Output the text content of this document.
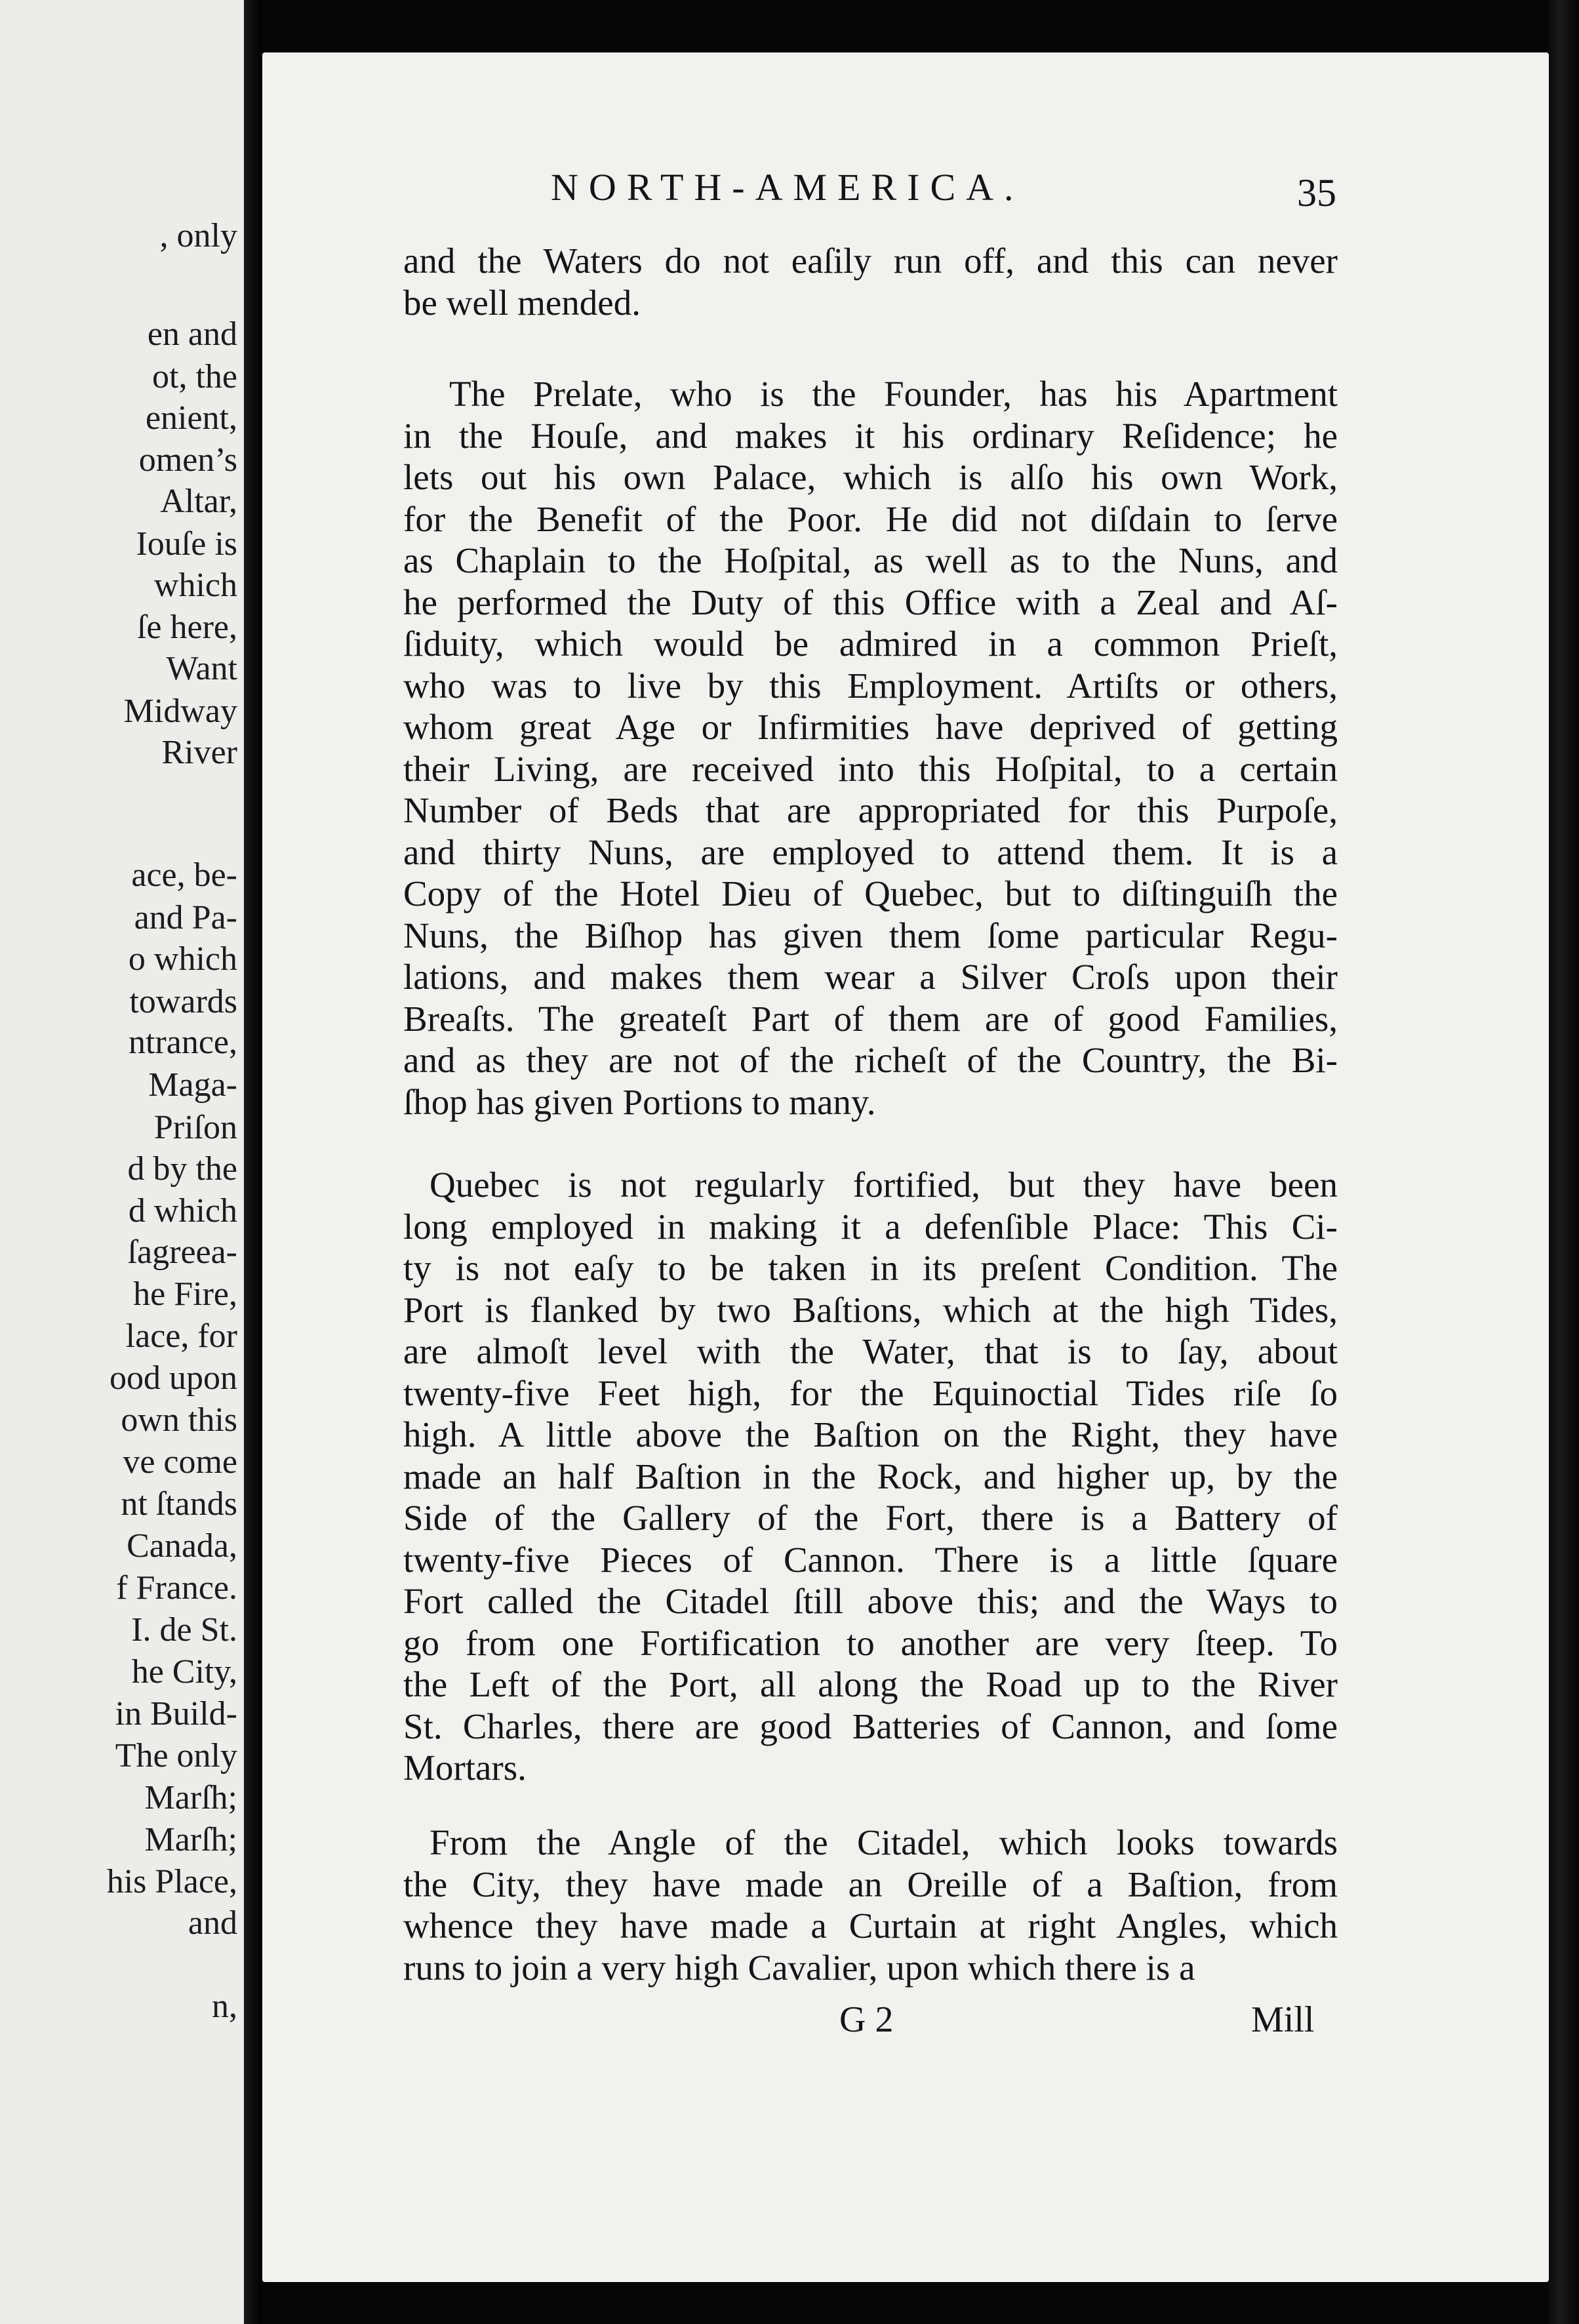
, only
en and
ot, the
enient,
omen’s
Altar,
Iouſe is
which
ſe here,
Want
Midway
River
ace, be-
and Pa-
o which
towards
ntrance,
Maga-
Priſon
d by the
d which
ſagreea-
he Fire,
lace, for
ood upon
own this
ve come
nt ſtands
Canada,
f France.
I. de St.
he City,
in Build-
The only
Marſh;
Marſh;
his Place,
and
n,
NORTH-AMERICA.	35
and the Waters do not eaſily run off, and this can never
be well mended.
The Prelate, who is the Founder, has his Apartment
in the Houſe, and makes it his ordinary Reſidence; he
lets out his own Palace, which is alſo his own Work,
for the Benefit of the Poor. He did not diſdain to ſerve
as Chaplain to the Hoſpital, as well as to the Nuns, and
he performed the Duty of this Office with a Zeal and Aſ-
ſiduity, which would be admired in a common Prieſt,
who was to live by this Employment. Artiſts or others,
whom great Age or Infirmities have deprived of getting
their Living, are received into this Hoſpital, to a certain
Number of Beds that are appropriated for this Purpoſe,
and thirty Nuns, are employed to attend them. It is a
Copy of the Hotel Dieu of Quebec, but to diſtinguiſh the
Nuns, the Biſhop has given them ſome particular Regu-
lations, and makes them wear a Silver Croſs upon their
Breaſts. The greateſt Part of them are of good Families,
and as they are not of the richeſt of the Country, the Bi-
ſhop has given Portions to many.
Quebec is not regularly fortified, but they have been
long employed in making it a defenſible Place: This Ci-
ty is not eaſy to be taken in its preſent Condition. The
Port is flanked by two Baſtions, which at the high Tides,
are almoſt level with the Water, that is to ſay, about
twenty-five Feet high, for the Equinoctial Tides riſe ſo
high. A little above the Baſtion on the Right, they have
made an half Baſtion in the Rock, and higher up, by the
Side of the Gallery of the Fort, there is a Battery of
twenty-five Pieces of Cannon. There is a little ſquare
Fort called the Citadel ſtill above this; and the Ways to
go from one Fortification to another are very ſteep. To
the Left of the Port, all along the Road up to the River
St. Charles, there are good Batteries of Cannon, and ſome
Mortars.
From the Angle of the Citadel, which looks towards
the City, they have made an Oreille of a Baſtion, from
whence they have made a Curtain at right Angles, which
runs to join a very high Cavalier, upon which there is a
G 2	Mill
